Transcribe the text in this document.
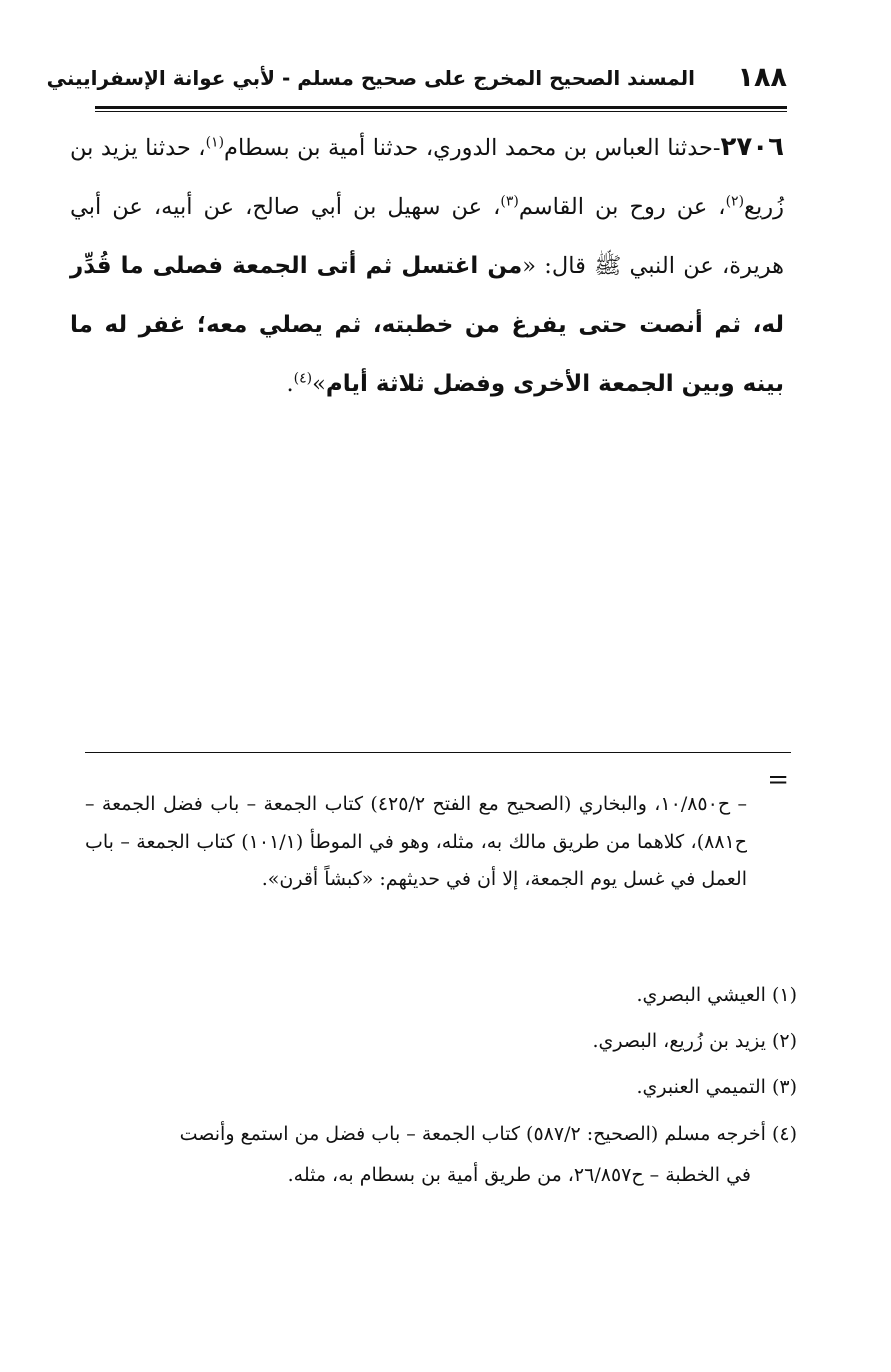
١٨٨
المسند الصحيح المخرج على صحيح مسلم - لأبي عوانة الإسفراييني
٢٧٠٦-حدثنا العباس بن محمد الدوري، حدثنا أمية بن بسطام$^{(١)}$، حدثنا يزيد بن زُريع$^{(٢)}$، عن روح بن القاسم$^{(٣)}$، عن سهيل بن أبي صالح، عن أبيه، عن أبي هريرة، عن النبي ﷺ قال: «من اغتسل ثم أتى الجمعة فصلى ما قُدِّر له، ثم أنصت حتى يفرغ من خطبته، ثم يصلي معه؛ غفر له ما بينه وبين الجمعة الأخرى وفضل ثلاثة أيام»$^{(٤)}$.
=
– ح١٠/٨٥٠، والبخاري (الصحيح مع الفتح ٤٢٥/٢) كتاب الجمعة – باب فضل الجمعة – ح٨٨١)، كلاهما من طريق مالك به، مثله، وهو في الموطأ (١٠١/١) كتاب الجمعة – باب العمل في غسل يوم الجمعة، إلا أن في حديثهم: «كبشاً أقرن».
(١)العيشي البصري.
(٢)يزيد بن زُريع، البصري.
(٣)التميمي العنبري.
(٤)أخرجه مسلم (الصحيح: ٥٨٧/٢) كتاب الجمعة – باب فضل من استمع وأنصت
في الخطبة – ح٢٦/٨٥٧، من طريق أمية بن بسطام به، مثله.
